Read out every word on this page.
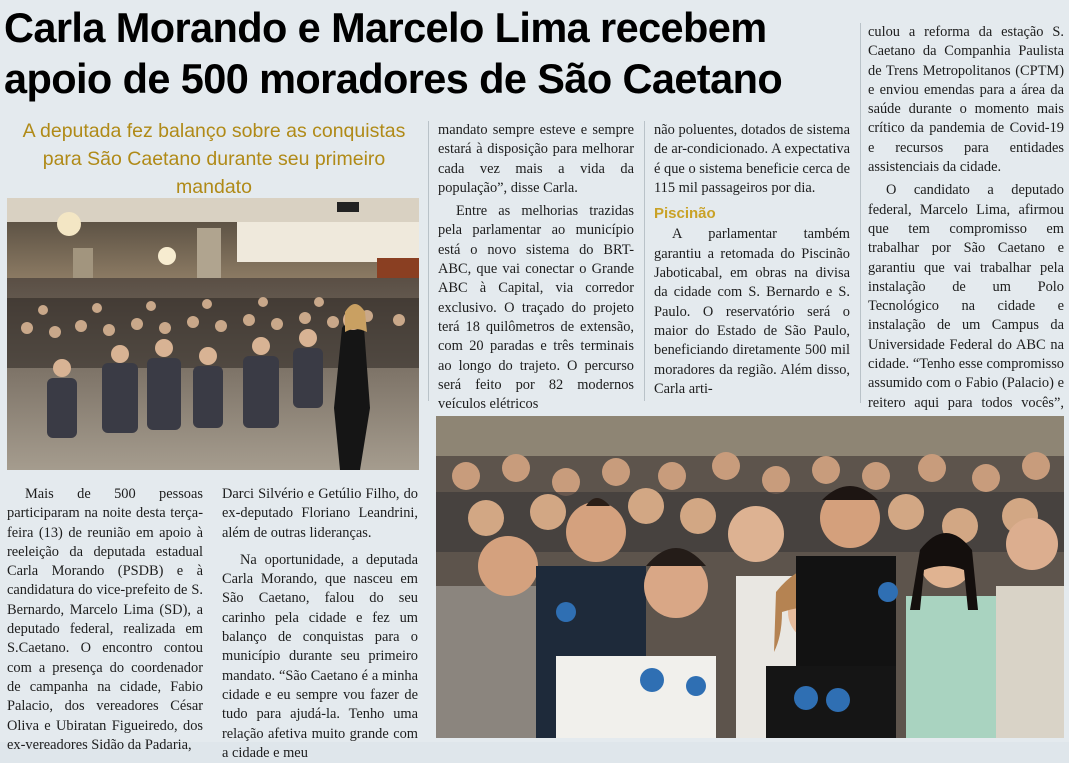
Carla Morando e Marcelo Lima recebem apoio de 500 moradores de São Caetano
A deputada fez balanço sobre as conquistas para São Caetano durante seu primeiro mandato

Mais de 500 pessoas participaram na noite desta terça-feira (13) de reunião em apoio à reeleição da deputada estadual Carla Morando (PSDB) e à candidatura do vice-prefeito de S. Bernardo, Marcelo Lima (SD), a deputado federal, realizada em S.Caetano. O encontro contou com a presença do coordenador de campanha na cidade, Fabio Palacio, dos vereadores César Oliva e Ubiratan Figueiredo, dos ex-vereadores Sidão da Padaria,

Darci Silvério e Getúlio Filho, do ex-deputado Floriano Leandrini, além de outras lideranças.

Na oportunidade, a deputada Carla Morando, que nasceu em São Caetano, falou do seu carinho pela cidade e fez um balanço de conquistas para o município durante seu primeiro mandato. “São Caetano é a minha cidade e eu sempre vou fazer de tudo para ajudá-la. Tenho uma relação afetiva muito grande com a cidade e meu

mandato sempre esteve e sempre estará à disposição para melhorar cada vez mais a vida da população”, disse Carla.

Entre as melhorias trazidas pela parlamentar ao município está o novo sistema do BRT-ABC, que vai conectar o Grande ABC à Capital, via corredor exclusivo. O traçado do projeto terá 18 quilômetros de extensão, com 20 paradas e três terminais ao longo do trajeto. O percurso será feito por 82 modernos veículos elétricos

não poluentes, dotados de sistema de ar-condicionado. A expectativa é que o sistema beneficie cerca de 115 mil passageiros por dia.

Piscinão

A parlamentar também garantiu a retomada do Piscinão Jaboticabal, em obras na divisa da cidade com S. Bernardo e S. Paulo. O reservatório será o maior do Estado de São Paulo, beneficiando diretamente 500 mil moradores da região. Além disso, Carla arti-

culou a reforma da estação S. Caetano da Companhia Paulista de Trens Metropolitanos (CPTM) e enviou emendas para a área da saúde durante o momento mais crítico da pandemia de Covid-19 e recursos para entidades assistenciais da cidade.

O candidato a deputado federal, Marcelo Lima, afirmou que tem compromisso em trabalhar por São Caetano e garantiu que vai trabalhar pela instalação de um Polo Tecnológico na cidade e instalação de um Campus da Universidade Federal do ABC na cidade. “Tenho esse compromisso assumido com o Fabio (Palacio) e reitero aqui para todos vocês”,
